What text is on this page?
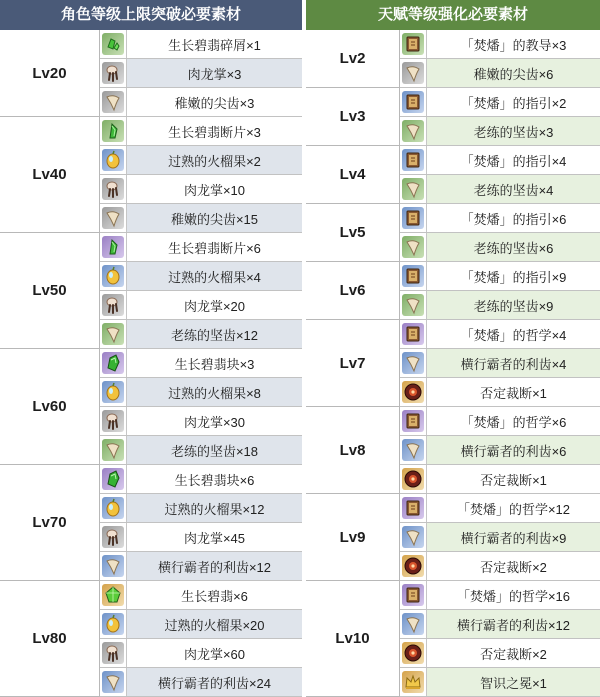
角色等级上限突破必要素材
Lv20
生长碧翡碎屑×1
肉龙掌×3
稚嫩的尖齿×3
Lv40
生长碧翡断片×3
过熟的火榴果×2
肉龙掌×10
稚嫩的尖齿×15
Lv50
生长碧翡断片×6
过熟的火榴果×4
肉龙掌×20
老练的坚齿×12
Lv60
生长碧翡块×3
过熟的火榴果×8
肉龙掌×30
老练的坚齿×18
Lv70
生长碧翡块×6
过熟的火榴果×12
肉龙掌×45
横行霸者的利齿×12
Lv80
生长碧翡×6
过熟的火榴果×20
肉龙掌×60
横行霸者的利齿×24
天赋等级强化必要素材
Lv2
「焚燔」的教导×3
稚嫩的尖齿×6
Lv3
「焚燔」的指引×2
老练的坚齿×3
Lv4
「焚燔」的指引×4
老练的坚齿×4
Lv5
「焚燔」的指引×6
老练的坚齿×6
Lv6
「焚燔」的指引×9
老练的坚齿×9
Lv7
「焚燔」的哲学×4
横行霸者的利齿×4
否定裁断×1
Lv8
「焚燔」的哲学×6
横行霸者的利齿×6
否定裁断×1
Lv9
「焚燔」的哲学×12
横行霸者的利齿×9
否定裁断×2
Lv10
「焚燔」的哲学×16
横行霸者的利齿×12
否定裁断×2
智识之冕×1
